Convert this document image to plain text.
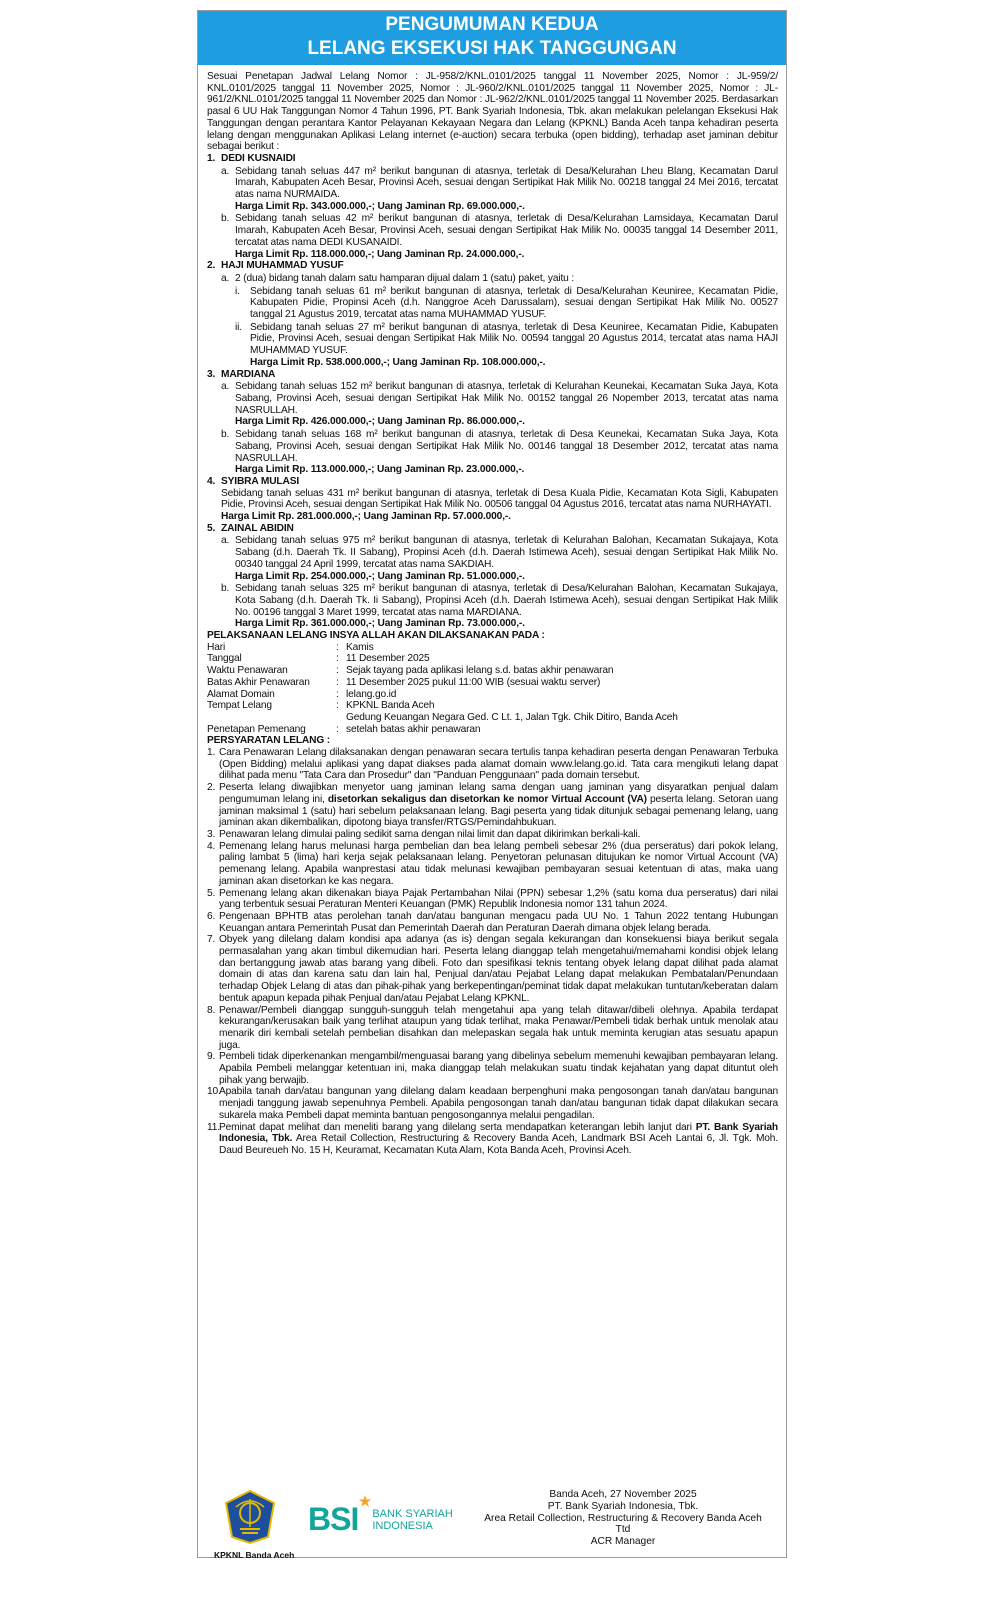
PENGUMUMAN KEDUA
LELANG EKSEKUSI HAK TANGGUNGAN

Sesuai Penetapan Jadwal Lelang Nomor : JL-958/2/KNL.0101/2025 tanggal 11 November 2025, Nomor : JL-959/2/ KNL.0101/2025 tanggal 11 November 2025, Nomor : JL-960/2/KNL.0101/2025 tanggal 11 November 2025, Nomor : JL-961/2/KNL.0101/2025 tanggal 11 November 2025 dan Nomor : JL-962/2/KNL.0101/2025 tanggal 11 November 2025. Berdasarkan pasal 6 UU Hak Tanggungan Nomor 4 Tahun 1996, PT. Bank Syariah Indonesia, Tbk. akan melakukan pelelangan Eksekusi Hak Tanggungan dengan perantara Kantor Pelayanan Kekayaan Negara dan Lelang (KPKNL) Banda Aceh tanpa kehadiran peserta lelang dengan menggunakan Aplikasi Lelang internet (e-auction) secara terbuka (open bidding), terhadap aset jaminan debitur sebagai berikut :

1. DEDI KUSNAIDI
a. Sebidang tanah seluas 447 m² berikut bangunan di atasnya, terletak di Desa/Kelurahan Lheu Blang, Kecamatan Darul Imarah, Kabupaten Aceh Besar, Provinsi Aceh, sesuai dengan Sertipikat Hak Milik No. 00218 tanggal 24 Mei 2016, tercatat atas nama NURMAIDA.
Harga Limit Rp. 343.000.000,-; Uang Jaminan Rp. 69.000.000,-.
b. Sebidang tanah seluas 42 m² berikut bangunan di atasnya, terletak di Desa/Kelurahan Lamsidaya, Kecamatan Darul Imarah, Kabupaten Aceh Besar, Provinsi Aceh, sesuai dengan Sertipikat Hak Milik No. 00035 tanggal 14 Desember 2011, tercatat atas nama DEDI KUSANAIDI.
Harga Limit Rp. 118.000.000,-; Uang Jaminan Rp. 24.000.000,-.
2. HAJI MUHAMMAD YUSUF
a. 2 (dua) bidang tanah dalam satu hamparan dijual dalam 1 (satu) paket, yaitu :
i.	Sebidang tanah seluas 61 m² berikut bangunan di atasnya, terletak di Desa/Kelurahan Keuniree, Kecamatan Pidie, Kabupaten Pidie, Propinsi Aceh (d.h. Nanggroe Aceh Darussalam), sesuai dengan Sertipikat Hak Milik No. 00527 tanggal 21 Agustus 2019, tercatat atas nama MUHAMMAD YUSUF.
ii. Sebidang tanah seluas 27 m² berikut bangunan di atasnya, terletak di Desa Keuniree, Kecamatan Pidie, Kabupaten Pidie, Provinsi Aceh, sesuai dengan Sertipikat Hak Milik No. 00594 tanggal 20 Agustus 2014, tercatat atas nama HAJI MUHAMMAD YUSUF.
Harga Limit Rp. 538.000.000,-; Uang Jaminan Rp. 108.000.000,-.
3. MARDIANA
a. Sebidang tanah seluas 152 m² berikut bangunan di atasnya, terletak di Kelurahan Keunekai, Kecamatan Suka Jaya, Kota Sabang, Provinsi Aceh, sesuai dengan Sertipikat Hak Milik No. 00152 tanggal 26 Nopember 2013, tercatat atas nama NASRULLAH.
Harga Limit Rp. 426.000.000,-; Uang Jaminan Rp. 86.000.000,-.
b. Sebidang tanah seluas 168 m² berikut bangunan di atasnya, terletak di Desa Keunekai, Kecamatan Suka Jaya, Kota Sabang, Provinsi Aceh, sesuai dengan Sertipikat Hak Milik No. 00146 tanggal 18 Desember 2012, tercatat atas nama NASRULLAH.
Harga Limit Rp. 113.000.000,-; Uang Jaminan Rp. 23.000.000,-.
4. SYIBRA MULASI
Sebidang tanah seluas 431 m² berikut bangunan di atasnya, terletak di Desa Kuala Pidie, Kecamatan Kota Sigli, Kabupaten Pidie, Provinsi Aceh, sesuai dengan Sertipikat Hak Milik No. 00506 tanggal 04 Agustus 2016, tercatat atas nama NURHAYATI.
Harga Limit Rp. 281.000.000,-; Uang Jaminan Rp. 57.000.000,-.
5. ZAINAL ABIDIN
a. Sebidang tanah seluas 975 m² berikut bangunan di atasnya, terletak di Kelurahan Balohan, Kecamatan Sukajaya, Kota Sabang (d.h. Daerah Tk. II Sabang), Propinsi Aceh (d.h. Daerah Istimewa Aceh), sesuai dengan Sertipikat Hak Milik No. 00340 tanggal 24 April 1999, tercatat atas nama SAKDIAH.
Harga Limit Rp. 254.000.000,-; Uang Jaminan Rp. 51.000.000,-.
b. Sebidang tanah seluas 325 m² berikut bangunan di atasnya, terletak di Desa/Kelurahan Balohan, Kecamatan Sukajaya, Kota Sabang (d.h. Daerah Tk. Ii Sabang), Propinsi Aceh (d.h. Daerah Istimewa Aceh), sesuai dengan Sertipikat Hak Milik No. 00196 tanggal 3 Maret 1999, tercatat atas nama MARDIANA.
Harga Limit Rp. 361.000.000,-; Uang Jaminan Rp. 73.000.000,-.
PELAKSANAAN LELANG INSYA ALLAH AKAN DILAKSANAKAN PADA :
Hari	: Kamis
Tanggal	: 11 Desember 2025
Waktu Penawaran	: Sejak tayang pada aplikasi lelang s.d. batas akhir penawaran
Batas Akhir Penawaran	: 11 Desember 2025 pukul 11:00 WIB (sesuai waktu server)
Alamat Domain	: lelang.go.id
Tempat Lelang	: KPKNL Banda Aceh
Gedung Keuangan Negara Ged. C Lt. 1, Jalan Tgk. Chik Ditiro, Banda Aceh
Penetapan Pemenang	: setelah batas akhir penawaran
PERSYARATAN LELANG :
1. Cara Penawaran Lelang dilaksanakan dengan penawaran secara tertulis tanpa kehadiran peserta dengan Penawaran Terbuka (Open Bidding) melalui aplikasi yang dapat diakses pada alamat domain www.lelang.go.id. Tata cara mengikuti lelang dapat dilihat pada menu "Tata Cara dan Prosedur" dan "Panduan Penggunaan" pada domain tersebut.
2. Peserta lelang diwajibkan menyetor uang jaminan lelang sama dengan uang jaminan yang disyaratkan penjual dalam pengumuman lelang ini, disetorkan sekaligus dan disetorkan ke nomor Virtual Account (VA) peserta lelang. Setoran uang jaminan maksimal 1 (satu) hari sebelum pelaksanaan lelang. Bagi peserta yang tidak ditunjuk sebagai pemenang lelang, uang jaminan akan dikembalikan, dipotong biaya transfer/RTGS/Pemindahbukuan.
3. Penawaran lelang dimulai paling sedikit sama dengan nilai limit dan dapat dikirimkan berkali-kali.
4. Pemenang lelang harus melunasi harga pembelian dan bea lelang pembeli sebesar 2% (dua perseratus) dari pokok lelang, paling lambat 5 (lima) hari kerja sejak pelaksanaan lelang. Penyetoran pelunasan ditujukan ke nomor Virtual Account (VA) pemenang lelang. Apabila wanprestasi atau tidak melunasi kewajiban pembayaran sesuai ketentuan di atas, maka uang jaminan akan disetorkan ke kas negara.
5. Pemenang lelang akan dikenakan biaya Pajak Pertambahan Nilai (PPN) sebesar 1,2% (satu koma dua perseratus) dari nilai yang terbentuk sesuai Peraturan Menteri Keuangan (PMK) Republik Indonesia nomor 131 tahun 2024.
6. Pengenaan BPHTB atas perolehan tanah dan/atau bangunan mengacu pada UU No. 1 Tahun 2022 tentang Hubungan Keuangan antara Pemerintah Pusat dan Pemerintah Daerah dan Peraturan Daerah dimana objek lelang berada.
7. Obyek yang dilelang dalam kondisi apa adanya (as is) dengan segala kekurangan dan konsekuensi biaya berikut segala permasalahan yang akan timbul dikemudian hari. Peserta lelang dianggap telah mengetahui/memahami kondisi objek lelang dan bertanggung jawab atas barang yang dibeli. Foto dan spesifikasi teknis tentang obyek lelang dapat dilihat pada alamat domain di atas dan karena satu dan lain hal, Penjual dan/atau Pejabat Lelang dapat melakukan Pembatalan/Penundaan terhadap Objek Lelang di atas dan pihak-pihak yang berkepentingan/peminat tidak dapat melakukan tuntutan/keberatan dalam bentuk apapun kepada pihak Penjual dan/atau Pejabat Lelang KPKNL.
8. Penawar/Pembeli dianggap sungguh-sungguh telah mengetahui apa yang telah ditawar/dibeli olehnya. Apabila terdapat kekurangan/kerusakan baik yang terlihat ataupun yang tidak terlihat, maka Penawar/Pembeli tidak berhak untuk menolak atau menarik diri kembali setelah pembelian disahkan dan melepaskan segala hak untuk meminta kerugian atas sesuatu apapun juga.
9. Pembeli tidak diperkenankan mengambil/menguasai barang yang dibelinya sebelum memenuhi kewajiban pembayaran lelang. Apabila Pembeli melanggar ketentuan ini, maka dianggap telah melakukan suatu tindak kejahatan yang dapat dituntut oleh pihak yang berwajib.
10.
Apabila tanah dan/atau bangunan yang dilelang dalam keadaan berpenghuni maka pengosongan tanah dan/atau bangunan menjadi tanggung jawab sepenuhnya Pembeli. Apabila pengosongan tanah dan/atau bangunan tidak dapat dilakukan secara sukarela maka Pembeli dapat meminta bantuan pengosongannya melalui pengadilan.
11. Peminat dapat melihat dan meneliti barang yang dilelang serta mendapatkan keterangan lebih lanjut dari PT. Bank Syariah Indonesia, Tbk. Area Retail Collection, Restructuring & Recovery Banda Aceh, Landmark BSI Aceh Lantai 6, Jl. Tgk. Moh. Daud Beureueh No. 15 H, Keuramat, Kecamatan Kuta Alam, Kota Banda Aceh, Provinsi Aceh.
KPKNL Banda Aceh
BSI ★
BANK SYARIAH
INDONESIA
Banda Aceh, 27 November 2025
PT. Bank Syariah Indonesia, Tbk.
Area Retail Collection, Restructuring & Recovery Banda Aceh
Ttd
ACR Manager
